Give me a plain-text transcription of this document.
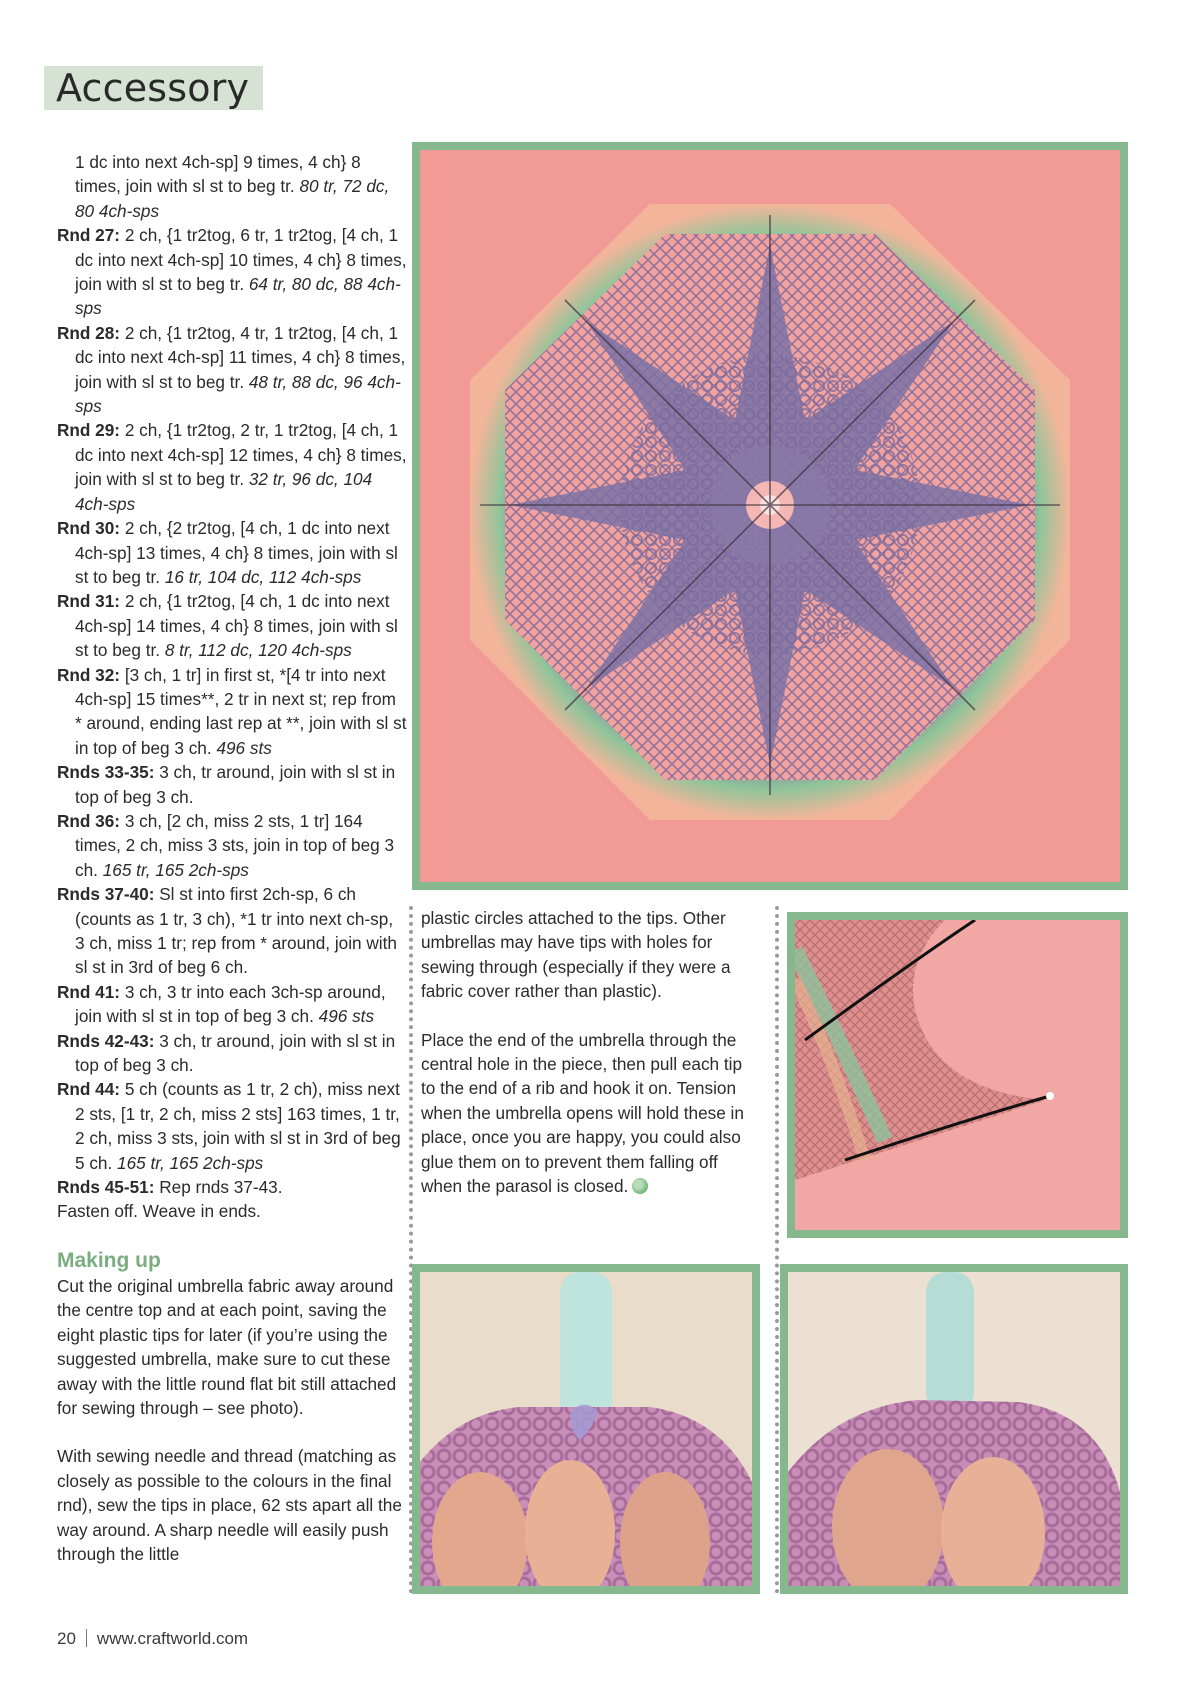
Accessory
1 dc into next 4ch-sp] 9 times, 4 ch} 8 times, join with sl st to beg tr. 80 tr, 72 dc, 80 4ch-sps
Rnd 27: 2 ch, {1 tr2tog, 6 tr, 1 tr2tog, [4 ch, 1 dc into next 4ch-sp] 10 times, 4 ch} 8 times, join with sl st to beg tr. 64 tr, 80 dc, 88 4ch-sps
Rnd 28: 2 ch, {1 tr2tog, 4 tr, 1 tr2tog, [4 ch, 1 dc into next 4ch-sp] 11 times, 4 ch} 8 times, join with sl st to beg tr. 48 tr, 88 dc, 96 4ch-sps
Rnd 29: 2 ch, {1 tr2tog, 2 tr, 1 tr2tog, [4 ch, 1 dc into next 4ch-sp] 12 times, 4 ch} 8 times, join with sl st to beg tr. 32 tr, 96 dc, 104 4ch-sps
Rnd 30: 2 ch, {2 tr2tog, [4 ch, 1 dc into next 4ch-sp] 13 times, 4 ch} 8 times, join with sl st to beg tr. 16 tr, 104 dc, 112 4ch-sps
Rnd 31: 2 ch, {1 tr2tog, [4 ch, 1 dc into next 4ch-sp] 14 times, 4 ch} 8 times, join with sl st to beg tr. 8 tr, 112 dc, 120 4ch-sps
Rnd 32: [3 ch, 1 tr] in first st, *[4 tr into next 4ch-sp] 15 times**, 2 tr in next st; rep from * around, ending last rep at **, join with sl st in top of beg 3 ch. 496 sts
Rnds 33-35: 3 ch, tr around, join with sl st in top of beg 3 ch.
Rnd 36: 3 ch, [2 ch, miss 2 sts, 1 tr] 164 times, 2 ch, miss 3 sts, join in top of beg 3 ch. 165 tr, 165 2ch-sps
Rnds 37-40: Sl st into first 2ch-sp, 6 ch (counts as 1 tr, 3 ch), *1 tr into next ch-sp, 3 ch, miss 1 tr; rep from * around, join with sl st in 3rd of beg 6 ch.
Rnd 41: 3 ch, 3 tr into each 3ch-sp around, join with sl st in top of beg 3 ch. 496 sts
Rnds 42-43: 3 ch, tr around, join with sl st in top of beg 3 ch.
Rnd 44: 5 ch (counts as 1 tr, 2 ch), miss next 2 sts, [1 tr, 2 ch, miss 2 sts] 163 times, 1 tr, 2 ch, miss 3 sts, join with sl st in 3rd of beg 5 ch. 165 tr, 165 2ch-sps
Rnds 45-51: Rep rnds 37-43.
Fasten off. Weave in ends.
Making up

Cut the original umbrella fabric away around the centre top and at each point, saving the eight plastic tips for later (if you’re using the suggested umbrella, make sure to cut these away with the little round flat bit still attached for sewing through – see photo).

With sewing needle and thread (matching as closely as possible to the colours in the final rnd), sew the tips in place, 62 sts apart all the way around. A sharp needle will easily push through the little

plastic circles attached to the tips. Other umbrellas may have tips with holes for sewing through (especially if they were a fabric cover rather than plastic).

Place the end of the umbrella through the central hole in the piece, then pull each tip to the end of a rib and hook it on. Tension when the umbrella opens will hold these in place, once you are happy, you could also glue them on to prevent them falling off when the parasol is closed.

20 www.craftworld.com
